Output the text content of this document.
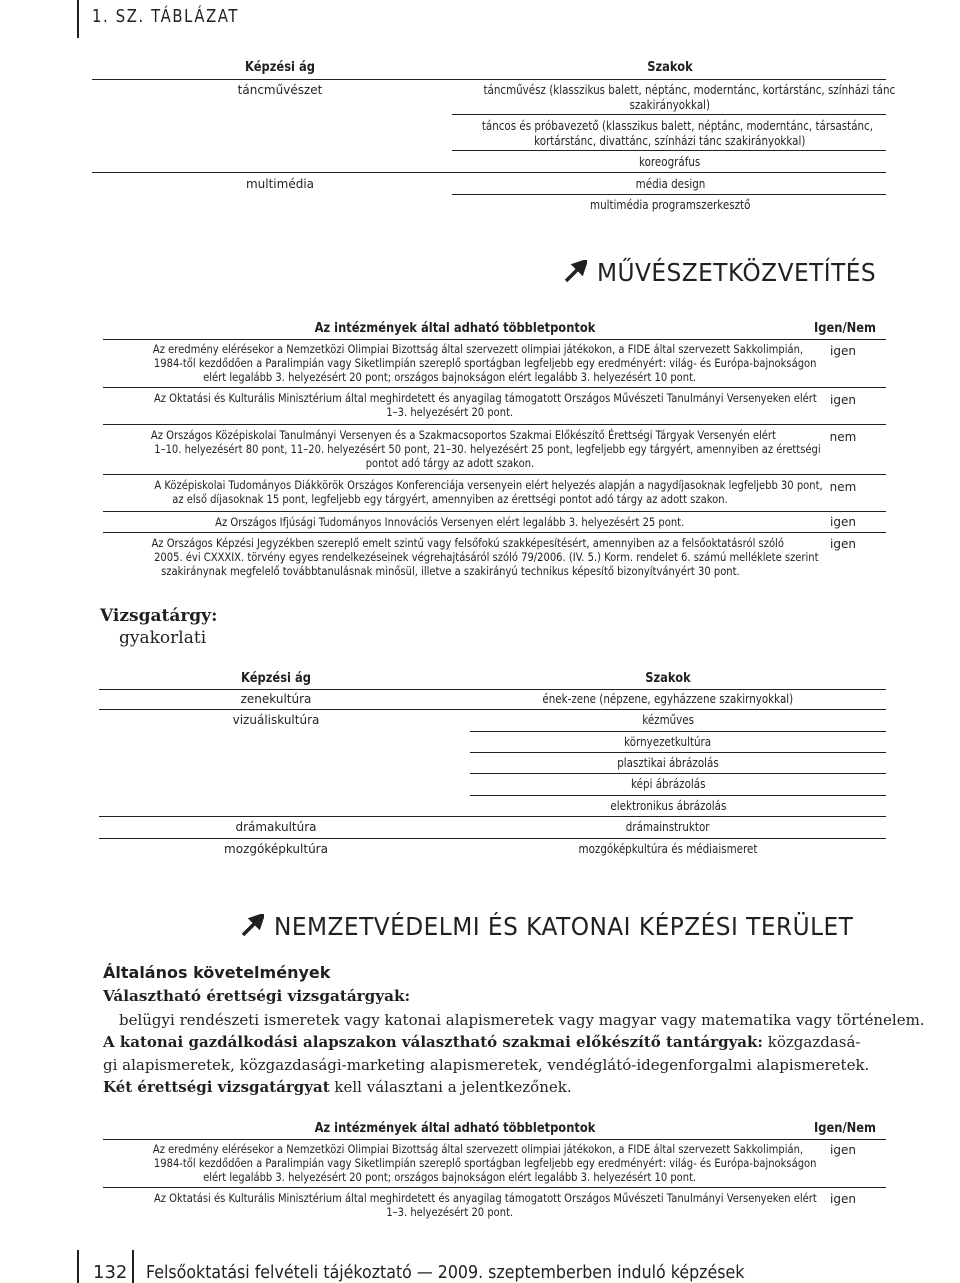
1. SZ. TÁBLÁZAT
Képzési ág	Szakok
táncművészet	táncművész (klasszikus balett, néptánc, moderntánc, kortárstánc, színházi tánc
szakirányokkal)
táncos és próbavezető (klasszikus balett, néptánc, moderntánc, társastánc,
kortárstánc, divattánc, színházi tánc szakirányokkal)
koreográfus
multimédia	média design
multimédia programszerkesztő
MŰVÉSZETKÖZVETÍTÉS
Az intézmények által adható többletpontok	Igen/Nem
Az eredmény elérésekor a Nemzetközi Olimpiai Bizottság által szervezett olimpiai játékokon, a FIDE által szervezett Sakkolimpián,
1984-től kezdődően a Paralimpián vagy Siketlimpián szereplő sportágban legfeljebb egy eredményért: világ- és Európa-bajnokságon
elért legalább 3. helyezésért 20 pont; országos bajnokságon elért legalább 3. helyezésért 10 pont.
igen
Az Oktatási és Kulturális Minisztérium által meghirdetett és anyagilag támogatott Országos Művészeti Tanulmányi Versenyeken elért
1–3. helyezésért 20 pont.
igen
Az Országos Középiskolai Tanulmányi Versenyen és a Szakmacsoportos Szakmai Előkészítő Érettségi Tárgyak Versenyén elért
1–10. helyezésért 80 pont, 11–20. helyezésért 50 pont, 21–30. helyezésért 25 pont, legfeljebb egy tárgyért, amennyiben az érettségi
pontot adó tárgy az adott szakon.
nem
A Középiskolai Tudományos Diákkörök Országos Konferenciája versenyein elért helyezés alapján a nagydíjasoknak legfeljebb 30 pont,
az első díjasoknak 15 pont, legfeljebb egy tárgyért, amennyiben az érettségi pontot adó tárgy az adott szakon.
nem
Az Országos Ifjúsági Tudományos Innovációs Versenyen elért legalább 3. helyezésért 25 pont.	igen
Az Országos Képzési Jegyzékben szereplő emelt szintű vagy felsőfokú szakképesítésért, amennyiben az a felsőoktatásról szóló
2005. évi CXXXIX. törvény egyes rendelkezéseinek végrehajtásáról szóló 79/2006. (IV. 5.) Korm. rendelet 6. számú melléklete szerint
szakiránynak megfelelő továbbtanulásnak minősül, illetve a szakirányú technikus képesítő bizonyítványért 30 pont.
igen
Vizsgatárgy:
gyakorlati
Képzési ág	Szakok
zenekultúra	ének-zene (népzene, egyházzene szakirnyokkal)
vizuáliskultúra	kézműves
környezetkultúra
plasztikai ábrázolás
képi ábrázolás
elektronikus ábrázolás
drámakultúra	drámainstruktor
mozgóképkultúra	mozgóképkultúra és médiaismeret
NEMZETVÉDELMI ÉS KATONAI KÉPZÉSI TERÜLET
Általános követelmények
Választható érettségi vizsgatárgyak:
belügyi rendészeti ismeretek vagy katonai alapismeretek vagy magyar vagy matematika vagy történelem.
A katonai gazdálkodási alapszakon választható szakmai előkészítő tantárgyak: közgazdasá-
gi alapismeretek, közgazdasági-marketing alapismeretek, vendéglátó-idegenforgalmi alapismeretek.
Két érettségi vizsgatárgyat kell választani a jelentkezőnek.
Az intézmények által adható többletpontok	Igen/Nem
Az eredmény elérésekor a Nemzetközi Olimpiai Bizottság által szervezett olimpiai játékokon, a FIDE által szervezett Sakkolimpián,
1984-től kezdődően a Paralimpián vagy Siketlimpián szereplő sportágban legfeljebb egy eredményért: világ- és Európa-bajnokságon
elért legalább 3. helyezésért 20 pont; országos bajnokságon elért legalább 3. helyezésért 10 pont.
igen
Az Oktatási és Kulturális Minisztérium által meghirdetett és anyagilag támogatott Országos Művészeti Tanulmányi Versenyeken elért
1–3. helyezésért 20 pont.
igen
132 Felsőoktatási felvételi tájékoztató — 2009. szeptemberben induló képzések
